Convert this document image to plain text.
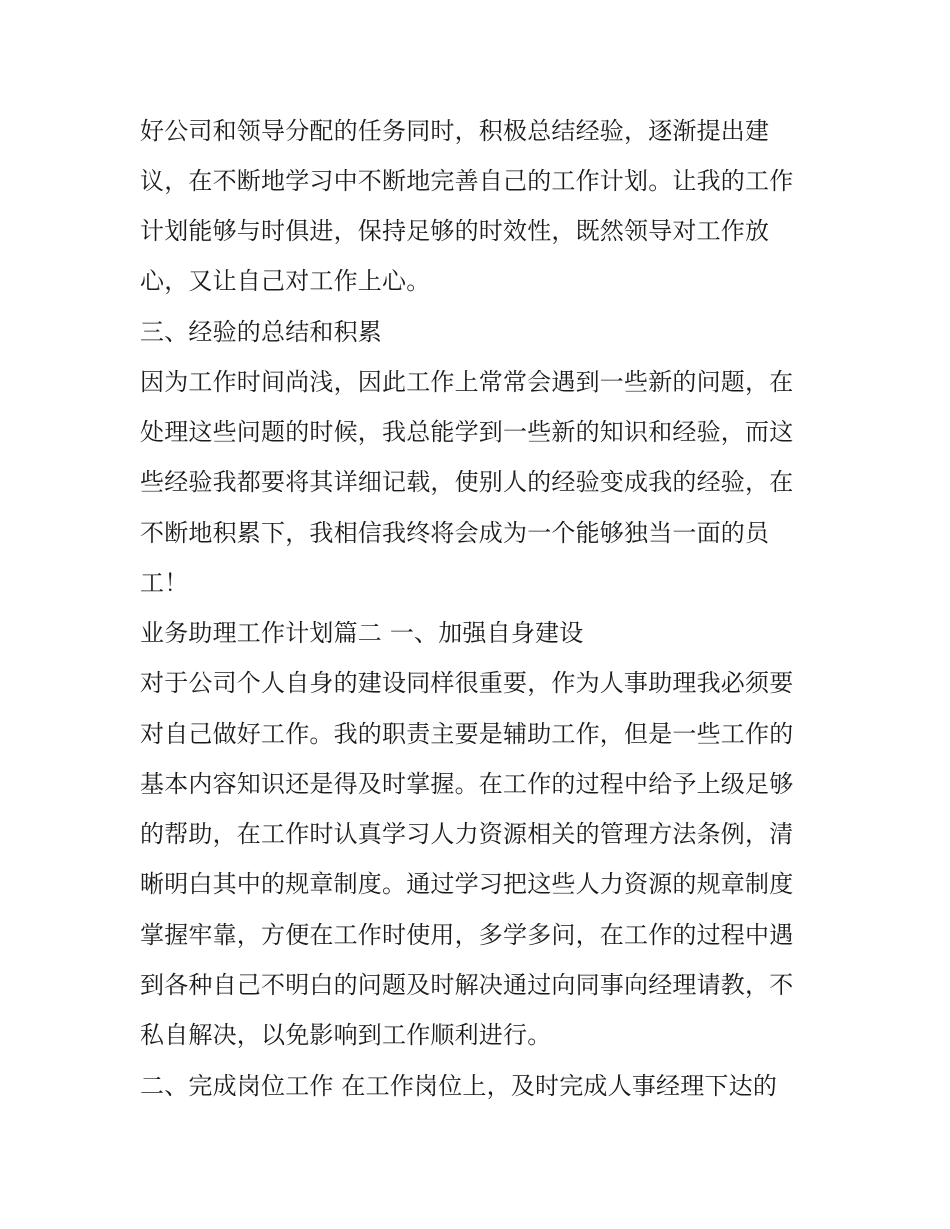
好公司和领导分配的任务同时，积极总结经验，逐渐提出建
议，在不断地学习中不断地完善自己的工作计划。让我的工作
计划能够与时俱进，保持足够的时效性，既然领导对工作放
心，又让自己对工作上心。
三、经验的总结和积累
因为工作时间尚浅，因此工作上常常会遇到一些新的问题，在
处理这些问题的时候，我总能学到一些新的知识和经验，而这
些经验我都要将其详细记载，使别人的经验变成我的经验，在
不断地积累下，我相信我终将会成为一个能够独当一面的员
工！
业务助理工作计划篇二 一、加强自身建设
对于公司个人自身的建设同样很重要，作为人事助理我必须要
对自己做好工作。我的职责主要是辅助工作，但是一些工作的
基本内容知识还是得及时掌握。在工作的过程中给予上级足够
的帮助，在工作时认真学习人力资源相关的管理方法条例，清
晰明白其中的规章制度。通过学习把这些人力资源的规章制度
掌握牢靠，方便在工作时使用，多学多问，在工作的过程中遇
到各种自己不明白的问题及时解决通过向同事向经理请教，不
私自解决，以免影响到工作顺利进行。
二、完成岗位工作 在工作岗位上，及时完成人事经理下达的
